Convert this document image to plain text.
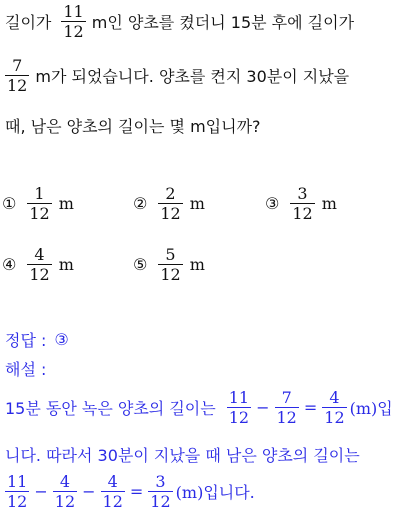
길이가 $\frac{11}{12}$ m인 양초를 켰더니 15분 후에 길이가
$\frac{7}{12}$ m가 되었습니다. 양초를 켠지 30분이 지났을
때, 남은 양초의 길이는 몇 m입니까?
① $\frac{1}{12}$ m	② $\frac{2}{12}$ m	③ $\frac{3}{12}$ m
④ $\frac{4}{12}$ m	⑤ $\frac{5}{12}$ m
정답 : ③
해설 :
15분 동안 녹은 양초의 길이는 $\frac{11}{12} - \frac{7}{12} = \frac{4}{12} (m)$입
니다. 따라서 30분이 지났을 때 남은 양초의 길이는
$\frac{11}{12} - \frac{4}{12} - \frac{4}{12} = \frac{3}{12} (m)$입니다.
